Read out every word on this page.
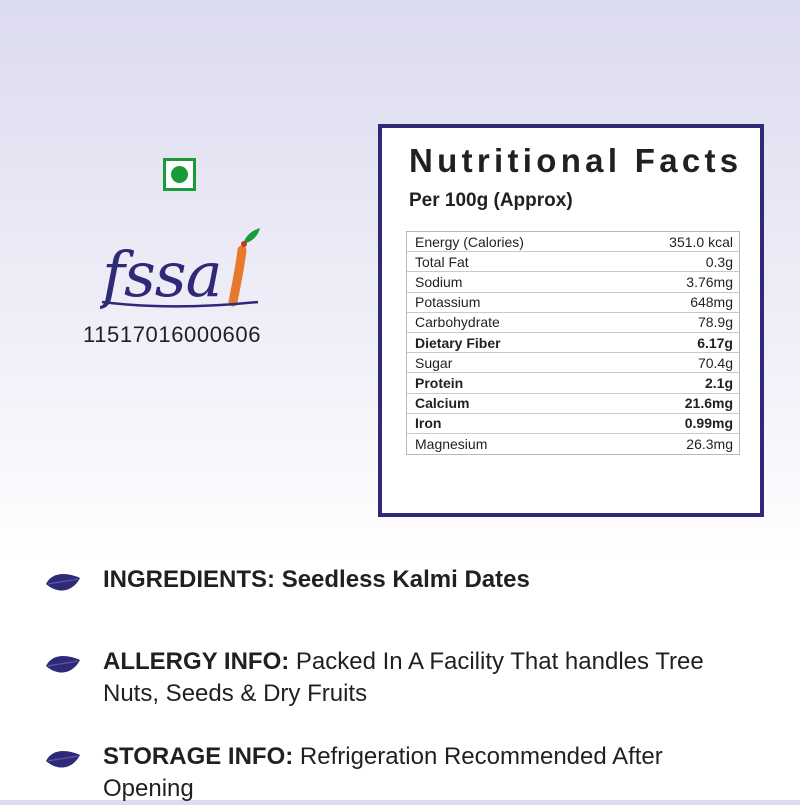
fssa
11517016000606
Nutritional Facts
Per 100g (Approx)
Energy (Calories)	351.0 kcal
Total Fat	0.3g
Sodium	3.76mg
Potassium	648mg
Carbohydrate	78.9g
Dietary Fiber	6.17g
Sugar	70.4g
Protein	2.1g
Calcium	21.6mg
Iron	0.99mg
Magnesium	26.3mg
INGREDIENTS: Seedless Kalmi Dates
ALLERGY INFO: Packed In A Facility That handles Tree Nuts, Seeds & Dry Fruits
STORAGE INFO: Refrigeration Recommended After Opening
